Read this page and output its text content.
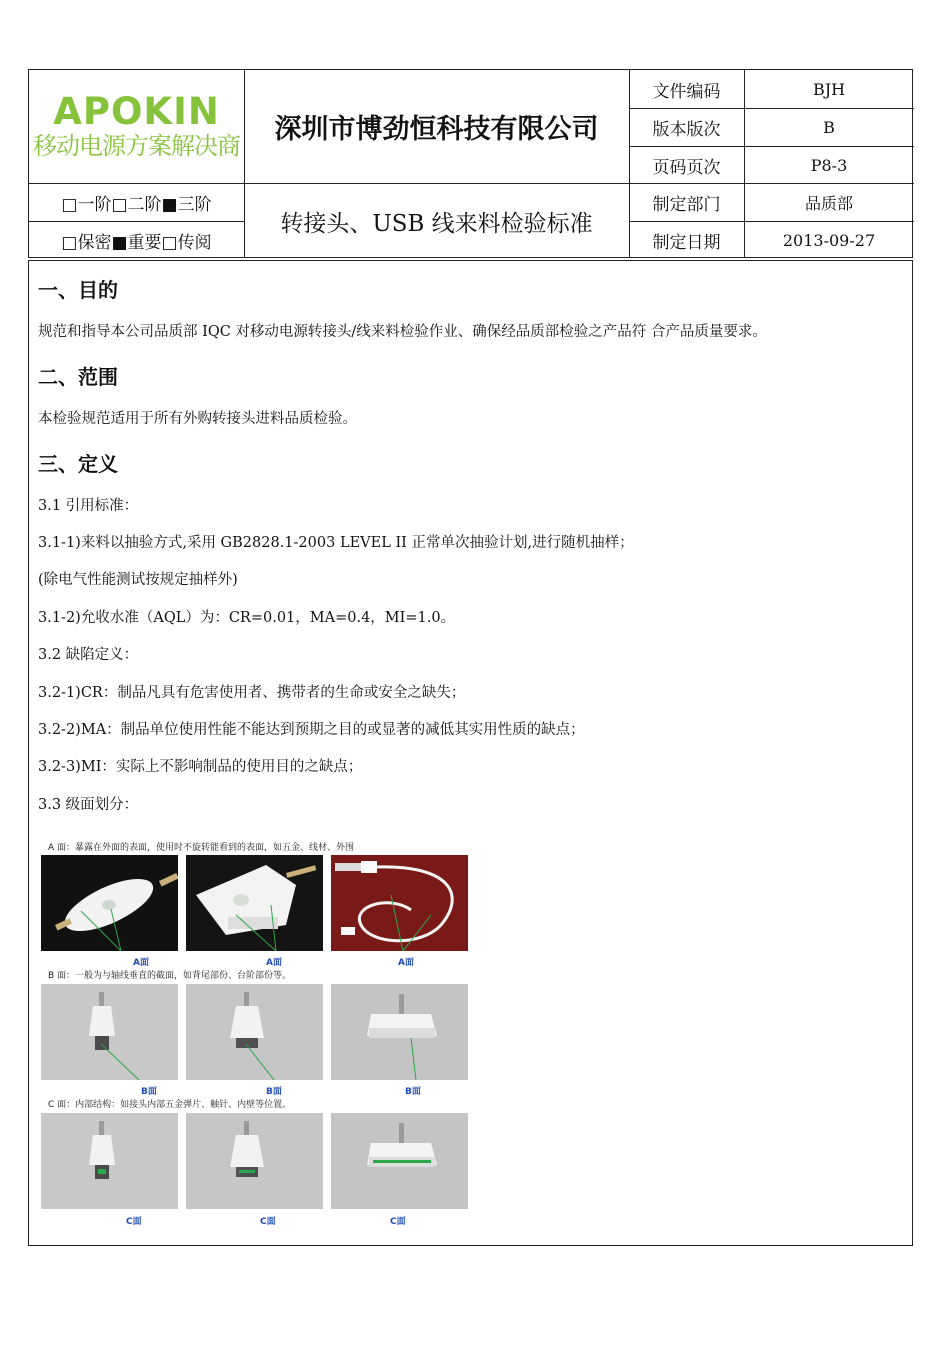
APOKIN
移动电源方案解决商
深圳市博劲恒科技有限公司
□一阶□二阶■三阶
□保密■重要□传阅
转接头、USB 线来料检验标准
文件编码	BJH
版本版次	B
页码页次	P8-3
制定部门	品质部
制定日期	2013-09-27
一、目的
规范和指导本公司品质部 IQC 对移动电源转接头/线来料检验作业、确保经品质部检验之产品符 合产品质量要求。
二、范围
本检验规范适用于所有外购转接头进料品质检验。
三、定义
3.1 引用标准：
3.1-1)来料以抽验方式,采用 GB2828.1-2003 LEVEL II 正常单次抽验计划,进行随机抽样；
(除电气性能测试按规定抽样外)
3.1-2)允收水准（AQL）为：CR=0.01，MA=0.4，MI=1.0。
3.2 缺陷定义：
3.2-1)CR：制品凡具有危害使用者、携带者的生命或安全之缺失；
3.2-2)MA：制品单位使用性能不能达到预期之目的或显著的减低其实用性质的缺点；
3.2-3)MI：实际上不影响制品的使用目的之缺点；
3.3 级面划分：
A 面：暴露在外面的表面，使用时不旋转能看到的表面，如五金、线材、外围
A面	A面	A面
B 面：一般为与轴线垂直的截面，如背尾部份、台阶部份等。
B面	B面	B面
C 面：内部结构：如接头内部五金弹片、触针、内壁等位置。
C面	C面	C面
